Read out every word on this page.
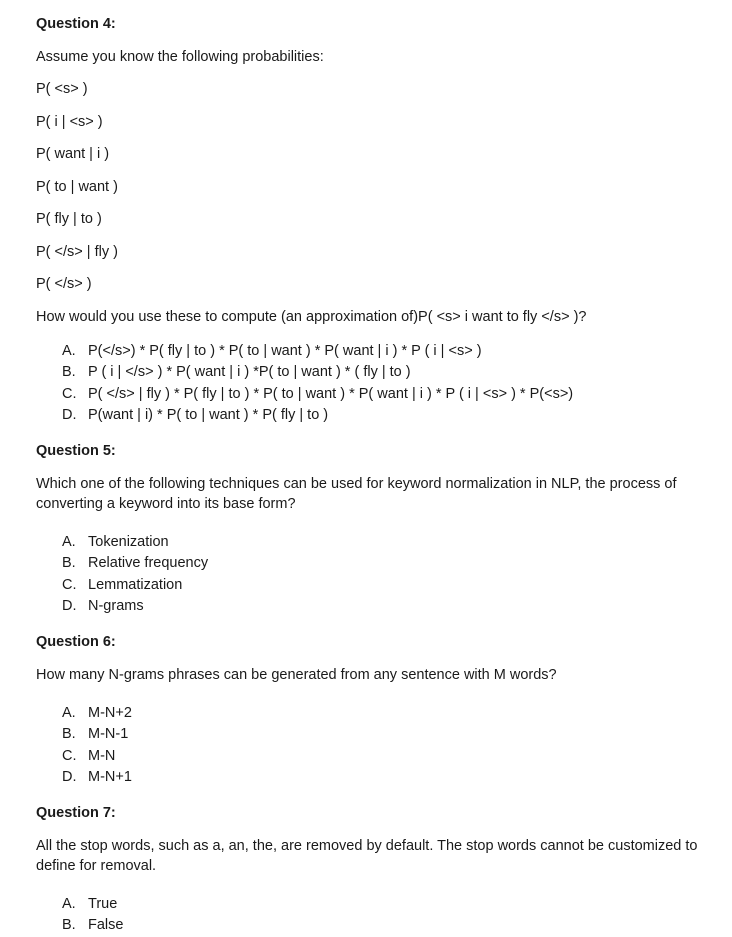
Question 4:

Assume you know the following probabilities:

P( <s> )

P( i | <s> )

P( want | i )

P( to | want )

P( fly | to )

P( </s> | fly )

P( </s> )

How would you use these to compute (an approximation of)P( <s> i want to fly </s> )?

A. P(</s>) * P( fly | to ) * P( to | want ) * P( want | i ) * P ( i | <s> )
B. P ( i | </s> ) * P( want | i ) *P( to | want ) * ( fly | to )
C. P( </s> | fly ) * P( fly | to ) * P( to | want ) * P( want | i ) * P ( i | <s> ) * P(<s>)
D. P(want | i) * P( to | want ) * P( fly | to )

Question 5:

Which one of the following techniques can be used for keyword normalization in NLP, the process of converting a keyword into its base form?

A. Tokenization
B. Relative frequency
C. Lemmatization
D. N-grams

Question 6:

How many N-grams phrases can be generated from any sentence with M words?

A. M-N+2
B. M-N-1
C. M-N
D. M-N+1

Question 7:

All the stop words, such as a, an, the, are removed by default. The stop words cannot be customized to define for removal.

A. True
B. False
